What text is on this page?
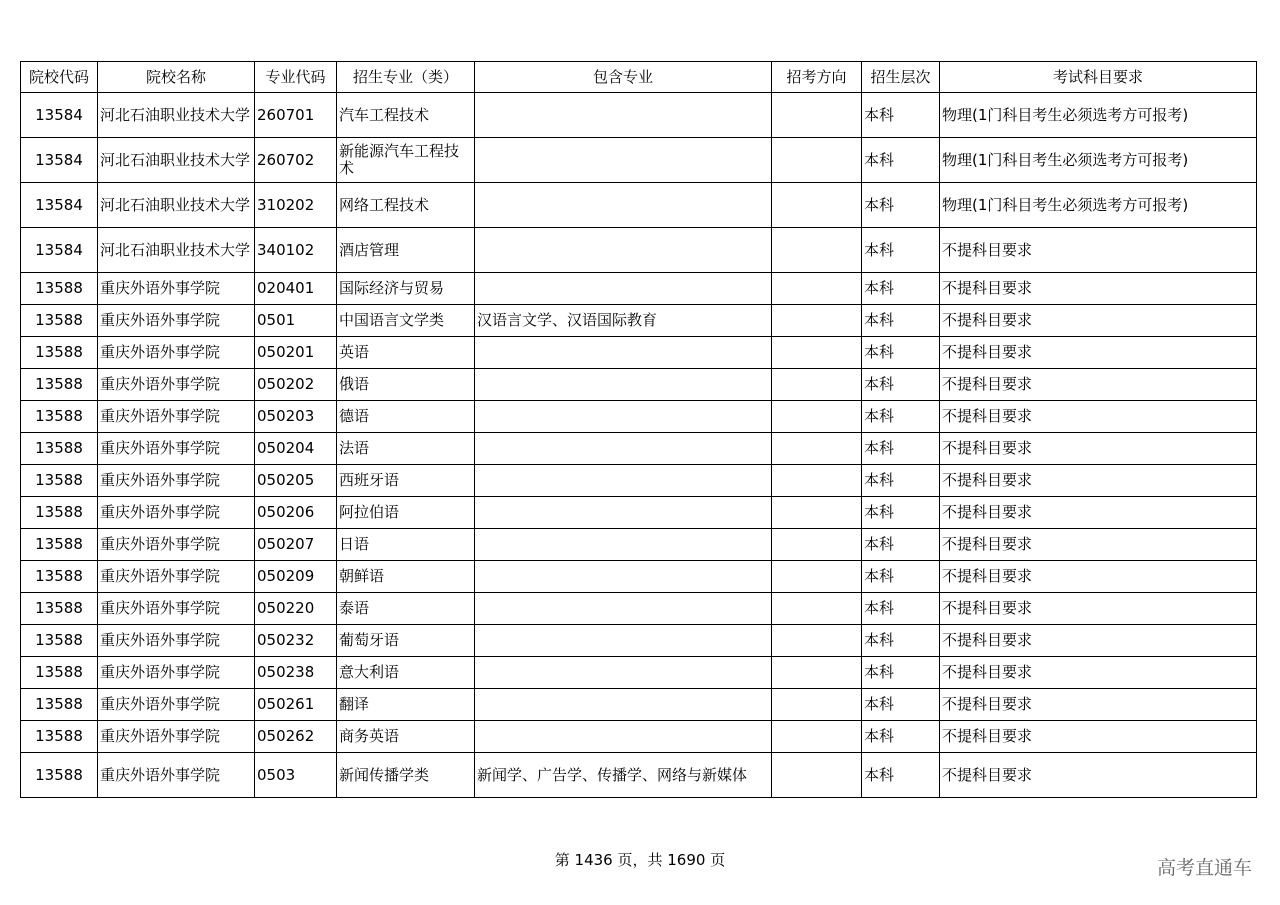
院校代码	院校名称	专业代码	招生专业（类）	包含专业	招考方向	招生层次	考试科目要求
13584	河北石油职业技术大学	260701	汽车工程技术			本科	物理(1门科目考生必须选考方可报考)
13584	河北石油职业技术大学	260702	新能源汽车工程技术			本科	物理(1门科目考生必须选考方可报考)
13584	河北石油职业技术大学	310202	网络工程技术			本科	物理(1门科目考生必须选考方可报考)
13584	河北石油职业技术大学	340102	酒店管理			本科	不提科目要求
13588	重庆外语外事学院	020401	国际经济与贸易			本科	不提科目要求
13588	重庆外语外事学院	0501	中国语言文学类	汉语言文学、汉语国际教育		本科	不提科目要求
13588	重庆外语外事学院	050201	英语			本科	不提科目要求
13588	重庆外语外事学院	050202	俄语			本科	不提科目要求
13588	重庆外语外事学院	050203	德语			本科	不提科目要求
13588	重庆外语外事学院	050204	法语			本科	不提科目要求
13588	重庆外语外事学院	050205	西班牙语			本科	不提科目要求
13588	重庆外语外事学院	050206	阿拉伯语			本科	不提科目要求
13588	重庆外语外事学院	050207	日语			本科	不提科目要求
13588	重庆外语外事学院	050209	朝鲜语			本科	不提科目要求
13588	重庆外语外事学院	050220	泰语			本科	不提科目要求
13588	重庆外语外事学院	050232	葡萄牙语			本科	不提科目要求
13588	重庆外语外事学院	050238	意大利语			本科	不提科目要求
13588	重庆外语外事学院	050261	翻译			本科	不提科目要求
13588	重庆外语外事学院	050262	商务英语			本科	不提科目要求
13588	重庆外语外事学院	0503	新闻传播学类	新闻学、广告学、传播学、网络与新媒体		本科	不提科目要求
第 1436 页，共 1690 页	高考直通车
